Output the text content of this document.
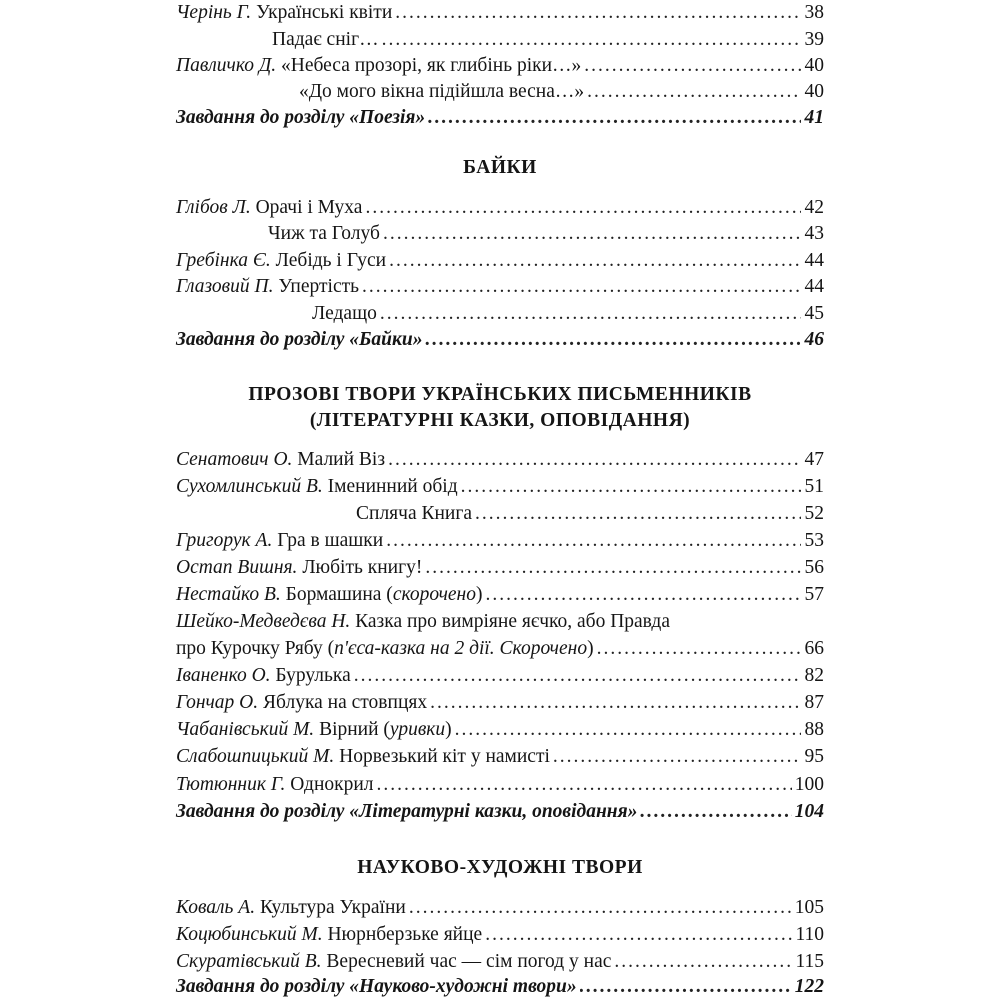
Черінь Г. Українські квіти .....	38
Падає сніг… .....	39
Павличко Д. «Небеса прозорі, як глибінь ріки…» .....	40
«До мого вікна підійшла весна…» .....	40
Завдання до розділу «Поезія» .....	41
БАЙКИ
Глібов Л. Орачі і Муха .....	42
Чиж та Голуб .....	43
Гребінка Є. Лебідь і Гуси .....	44
Глазовий П. Упертість .....	44
Ледащо .....	45
Завдання до розділу «Байки» .....	46
ПРОЗОВІ ТВОРИ УКРАЇНСЬКИХ ПИСЬМЕННИКІВ
(ЛІТЕРАТУРНІ КАЗКИ, ОПОВІДАННЯ)
Сенатович О. Малий Віз .....	47
Сухомлинський В. Іменинний обід .....	51
Спляча Книга .....	52
Григорук А. Гра в шашки .....	53
Остап Вишня. Любіть книгу! .....	56
Нестайко В. Бормашина (скорочено) .....	57
Шейко-Медведєва Н. Казка про вимріяне яєчко, або Правда
про Курочку Рябу (п'єса-казка на 2 дії. Скорочено) .....	66
Іваненко О. Бурулька .....	82
Гончар О. Яблука на стовпцях .....	87
Чабанівський М. Вірний (уривки) .....	88
Слабошпицький М. Норвезький кіт у намисті .....	95
Тютюнник Г. Однокрил .....	100
Завдання до розділу «Літературні казки, оповідання» .....	104
НАУКОВО-ХУДОЖНІ ТВОРИ
Коваль А. Культура України .....	105
Коцюбинський М. Нюрнберзьке яйце .....	110
Скуратівський В. Вересневий час — сім погод у нас .....	115
Завдання до розділу «Науково-художні твори» .....	122
